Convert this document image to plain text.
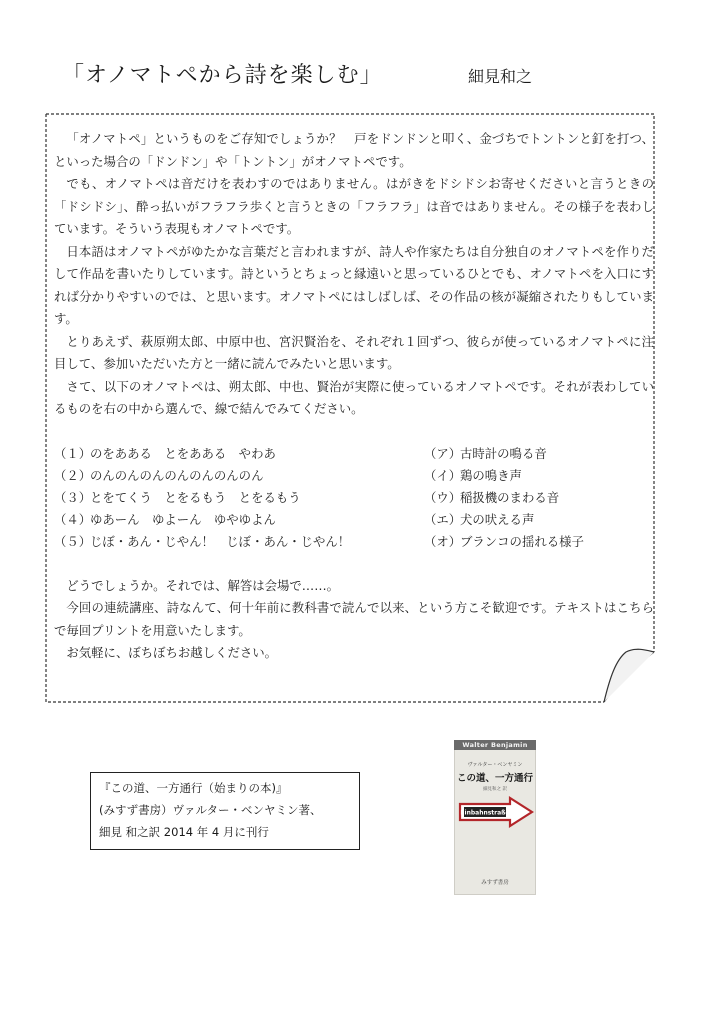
「オノマトペから詩を楽しむ」	細見和之

「オノマトペ」というものをご存知でしょうか？　戸をドンドンと叩く、金づちでトントンと釘を打つ、といった場合の「ドンドン」や「トントン」がオノマトペです。

でも、オノマトペは音だけを表わすのではありません。はがきをドシドシお寄せくださいと言うときの「ドシドシ」、酔っ払いがフラフラ歩くと言うときの「フラフラ」は音ではありません。その様子を表わしています。そういう表現もオノマトペです。

日本語はオノマトペがゆたかな言葉だと言われますが、詩人や作家たちは自分独自のオノマトペを作りだして作品を書いたりしています。詩というとちょっと縁遠いと思っているひとでも、オノマトペを入口にすれば分かりやすいのでは、と思います。オノマトペにはしばしば、その作品の核が凝縮されたりもしています。

とりあえず、萩原朔太郎、中原中也、宮沢賢治を、それぞれ１回ずつ、彼らが使っているオノマトペに注目して、参加いただいた方と一緒に読んでみたいと思います。

さて、以下のオノマトペは、朔太郎、中也、賢治が実際に使っているオノマトペです。それが表わしているものを右の中から選んで、線で結んでみてください。

（１）のをあある　とをあある　やわあ
（２）のんのんのんのんのんのんのん
（３）とをてくう　とをるもう　とをるもう
（４）ゆあーん　ゆよーん　ゆやゆよん
（５）じぼ・あん・じやん！　じぼ・あん・じやん！
（ア）古時計の鳴る音
（イ）鶏の鳴き声
（ウ）稲扱機のまわる音
（エ）犬の吠える声
（オ）ブランコの揺れる様子

どうでしょうか。それでは、解答は会場で……。

今回の連続講座、詩なんて、何十年前に教科書で読んで以来、という方こそ歓迎です。テキストはこちらで毎回プリントを用意いたします。

お気軽に、ぼちぼちお越しください。

『この道、一方通行（始まりの本)』
(みすず書房）ヴァルター・ベンヤミン著、
細見 和之訳 2014 年 4 月に刊行
Walter Benjamin
ヴァルター・ベンヤミン
この道、一方通行
細見和之 訳
Einbahnstraße
みすず書房
